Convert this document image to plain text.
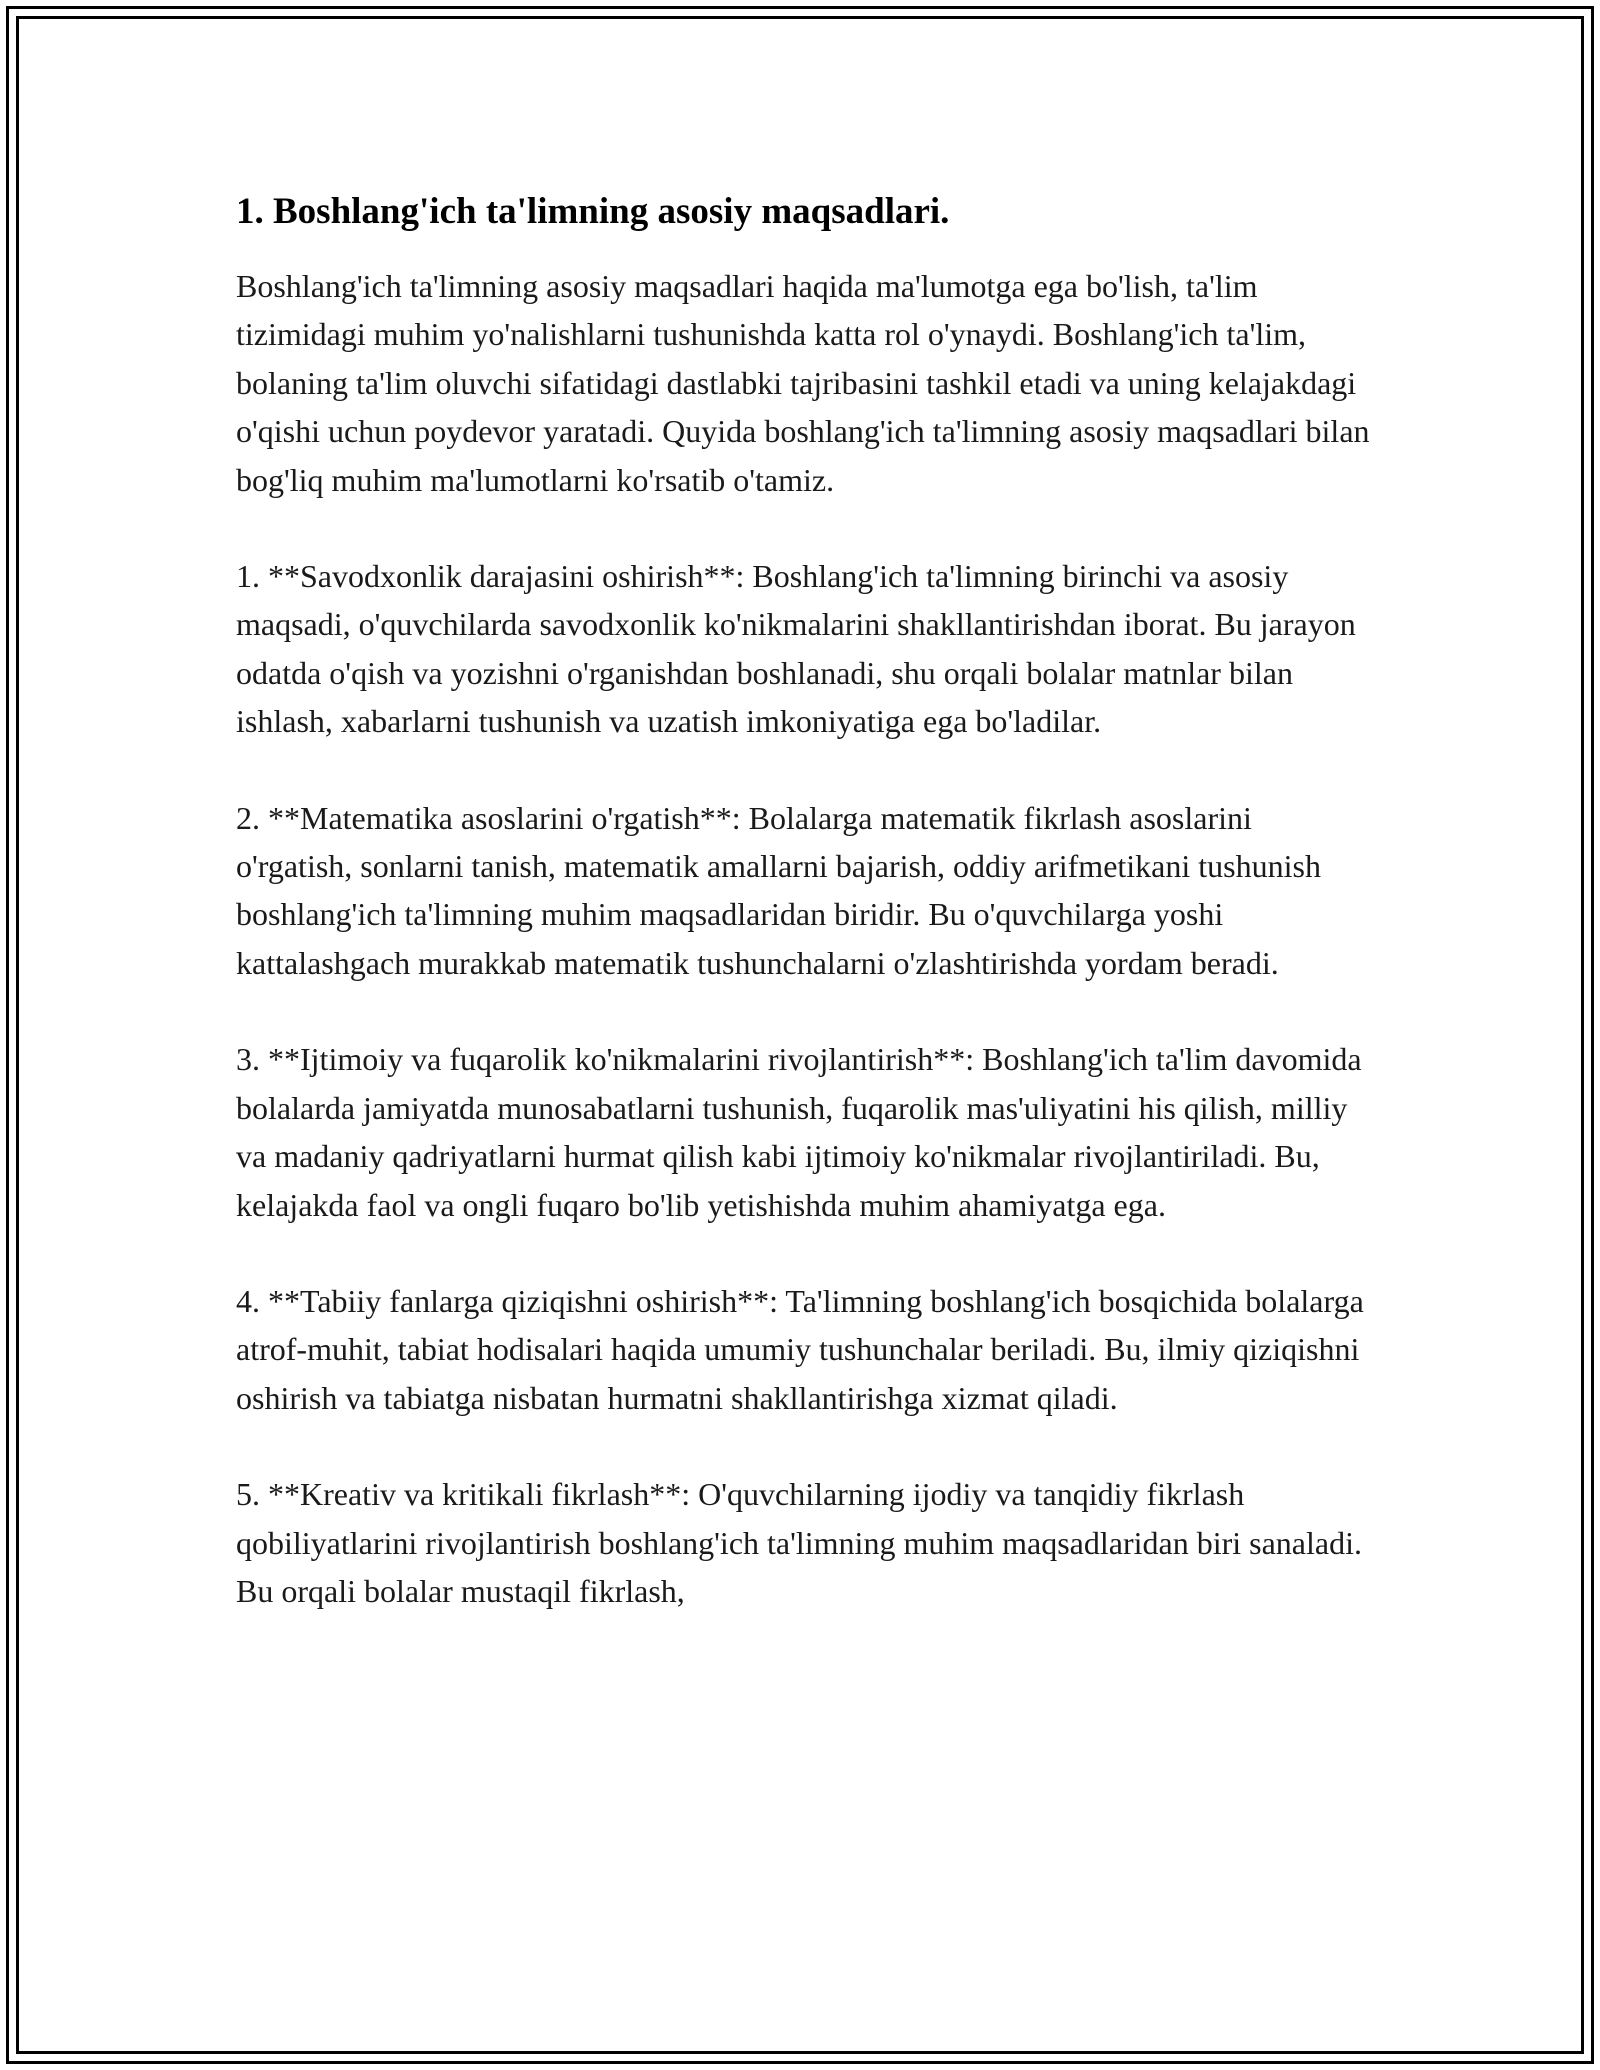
1. Boshlang'ich ta'limning asosiy maqsadlari.

Boshlang'ich ta'limning asosiy maqsadlari haqida ma'lumotga ega bo'lish, ta'lim tizimidagi muhim yo'nalishlarni tushunishda katta rol o'ynaydi. Boshlang'ich ta'lim, bolaning ta'lim oluvchi sifatidagi dastlabki tajribasini tashkil etadi va uning kelajakdagi o'qishi uchun poydevor yaratadi. Quyida boshlang'ich ta'limning asosiy maqsadlari bilan bog'liq muhim ma'lumotlarni ko'rsatib o'tamiz.

1. **Savodxonlik darajasini oshirish**: Boshlang'ich ta'limning birinchi va asosiy maqsadi, o'quvchilarda savodxonlik ko'nikmalarini shakllantirishdan iborat. Bu jarayon odatda o'qish va yozishni o'rganishdan boshlanadi, shu orqali bolalar matnlar bilan ishlash, xabarlarni tushunish va uzatish imkoniyatiga ega bo'ladilar.

2. **Matematika asoslarini o'rgatish**: Bolalarga matematik fikrlash asoslarini o'rgatish, sonlarni tanish, matematik amallarni bajarish, oddiy arifmetikani tushunish boshlang'ich ta'limning muhim maqsadlaridan biridir. Bu o'quvchilarga yoshi kattalashgach murakkab matematik tushunchalarni o'zlashtirishda yordam beradi.

3. **Ijtimoiy va fuqarolik ko'nikmalarini rivojlantirish**: Boshlang'ich ta'lim davomida bolalarda jamiyatda munosabatlarni tushunish, fuqarolik mas'uliyatini his qilish, milliy va madaniy qadriyatlarni hurmat qilish kabi ijtimoiy ko'nikmalar rivojlantiriladi. Bu, kelajakda faol va ongli fuqaro bo'lib yetishishda muhim ahamiyatga ega.

4. **Tabiiy fanlarga qiziqishni oshirish**: Ta'limning boshlang'ich bosqichida bolalarga atrof-muhit, tabiat hodisalari haqida umumiy tushunchalar beriladi. Bu, ilmiy qiziqishni oshirish va tabiatga nisbatan hurmatni shakllantirishga xizmat qiladi.

5. **Kreativ va kritikali fikrlash**: O'quvchilarning ijodiy va tanqidiy fikrlash qobiliyatlarini rivojlantirish boshlang'ich ta'limning muhim maqsadlaridan biri sanaladi. Bu orqali bolalar mustaqil fikrlash,
